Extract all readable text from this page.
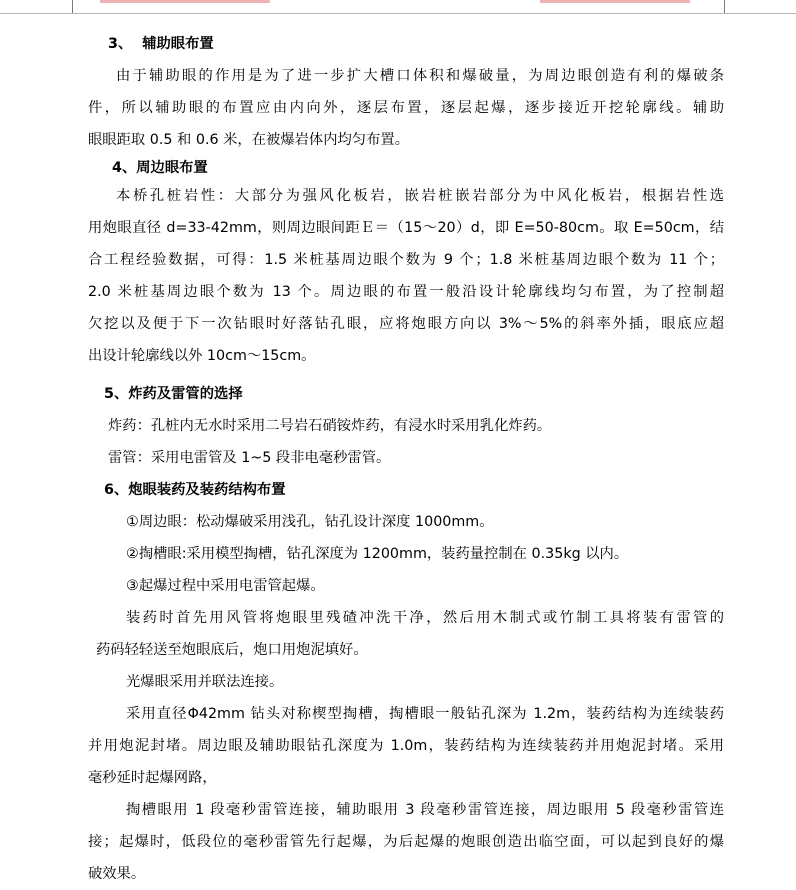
3、  辅助眼布置
由于辅助眼的作用是为了进一步扩大槽口体积和爆破量，为周边眼创造有利的爆破条
件，所以辅助眼的布置应由内向外，逐层布置，逐层起爆，逐步接近开挖轮廓线。辅助
眼眼距取 0.5 和 0.6 米，在被爆岩体内均匀布置。
4、周边眼布置
本桥孔桩岩性：大部分为强风化板岩，嵌岩桩嵌岩部分为中风化板岩，根据岩性选
用炮眼直径 d=33-42mm，则周边眼间距Ｅ＝（15～20）d，即 E=50-80cm。取 E=50cm，结
合工程经验数据，可得：1.5 米桩基周边眼个数为 9 个；1.8 米桩基周边眼个数为 11 个；
2.0 米桩基周边眼个数为 13 个。周边眼的布置一般沿设计轮廓线均匀布置，为了控制超
欠挖以及便于下一次钻眼时好落钻孔眼，应将炮眼方向以 3%～5%的斜率外插，眼底应超
出设计轮廓线以外 10cm～15cm。
5、炸药及雷管的选择
炸药：孔桩内无水时采用二号岩石硝铵炸药，有浸水时采用乳化炸药。
雷管：采用电雷管及 1~5 段非电毫秒雷管。
6、炮眼装药及装药结构布置
①周边眼：松动爆破采用浅孔，钻孔设计深度 1000mm。
②掏槽眼:采用模型掏槽，钻孔深度为 1200mm，装药量控制在 0.35kg 以内。
③起爆过程中采用电雷管起爆。
装药时首先用风管将炮眼里残碴冲洗干净，然后用木制式或竹制工具将装有雷管的
药码轻轻送至炮眼底后，炮口用炮泥填好。
光爆眼采用并联法连接。
采用直径Φ42mm 钻头对称楔型掏槽，掏槽眼一般钻孔深为 1.2m，装药结构为连续装药
并用炮泥封堵。周边眼及辅助眼钻孔深度为 1.0m，装药结构为连续装药并用炮泥封堵。采用
毫秒延时起爆网路，
掏槽眼用 1 段毫秒雷管连接，辅助眼用 3 段毫秒雷管连接，周边眼用 5 段毫秒雷管连
接；起爆时，低段位的毫秒雷管先行起爆，为后起爆的炮眼创造出临空面，可以起到良好的爆
破效果。
